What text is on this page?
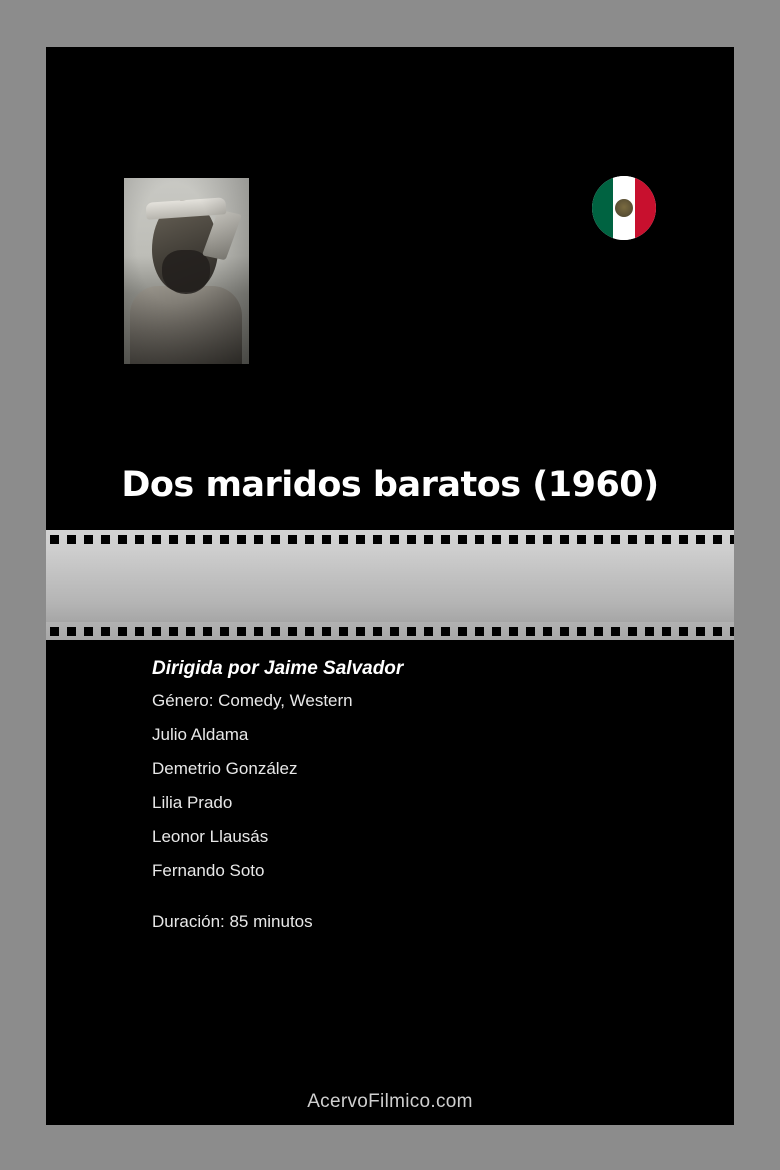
Dos maridos baratos (1960)
Dirigida por Jaime Salvador
Género: Comedy, Western
Julio Aldama
Demetrio González
Lilia Prado
Leonor Llausás
Fernando Soto
Duración: 85 minutos
AcervoFilmico.com
